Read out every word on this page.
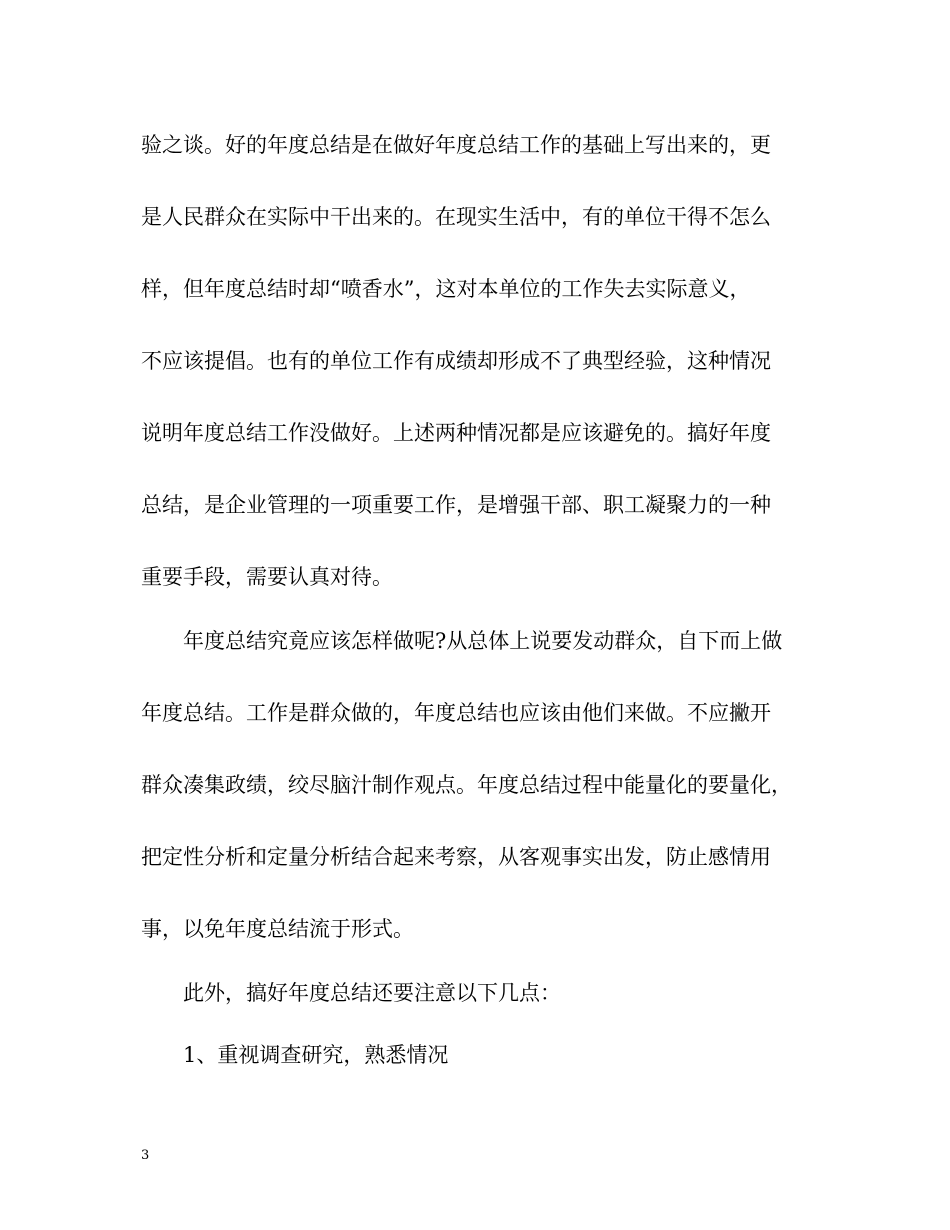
验之谈。好的年度总结是在做好年度总结工作的基础上写出来的，更

是人民群众在实际中干出来的。在现实生活中，有的单位干得不怎么

样，但年度总结时却“喷香水”，这对本单位的工作失去实际意义，

不应该提倡。也有的单位工作有成绩却形成不了典型经验，这种情况

说明年度总结工作没做好。上述两种情况都是应该避免的。搞好年度

总结，是企业管理的一项重要工作，是增强干部、职工凝聚力的一种

重要手段，需要认真对待。

年度总结究竟应该怎样做呢?从总体上说要发动群众，自下而上做

年度总结。工作是群众做的，年度总结也应该由他们来做。不应撇开

群众凑集政绩，绞尽脑汁制作观点。年度总结过程中能量化的要量化，

把定性分析和定量分析结合起来考察，从客观事实出发，防止感情用

事，以免年度总结流于形式。

此外，搞好年度总结还要注意以下几点：

1、重视调查研究，熟悉情况

3
